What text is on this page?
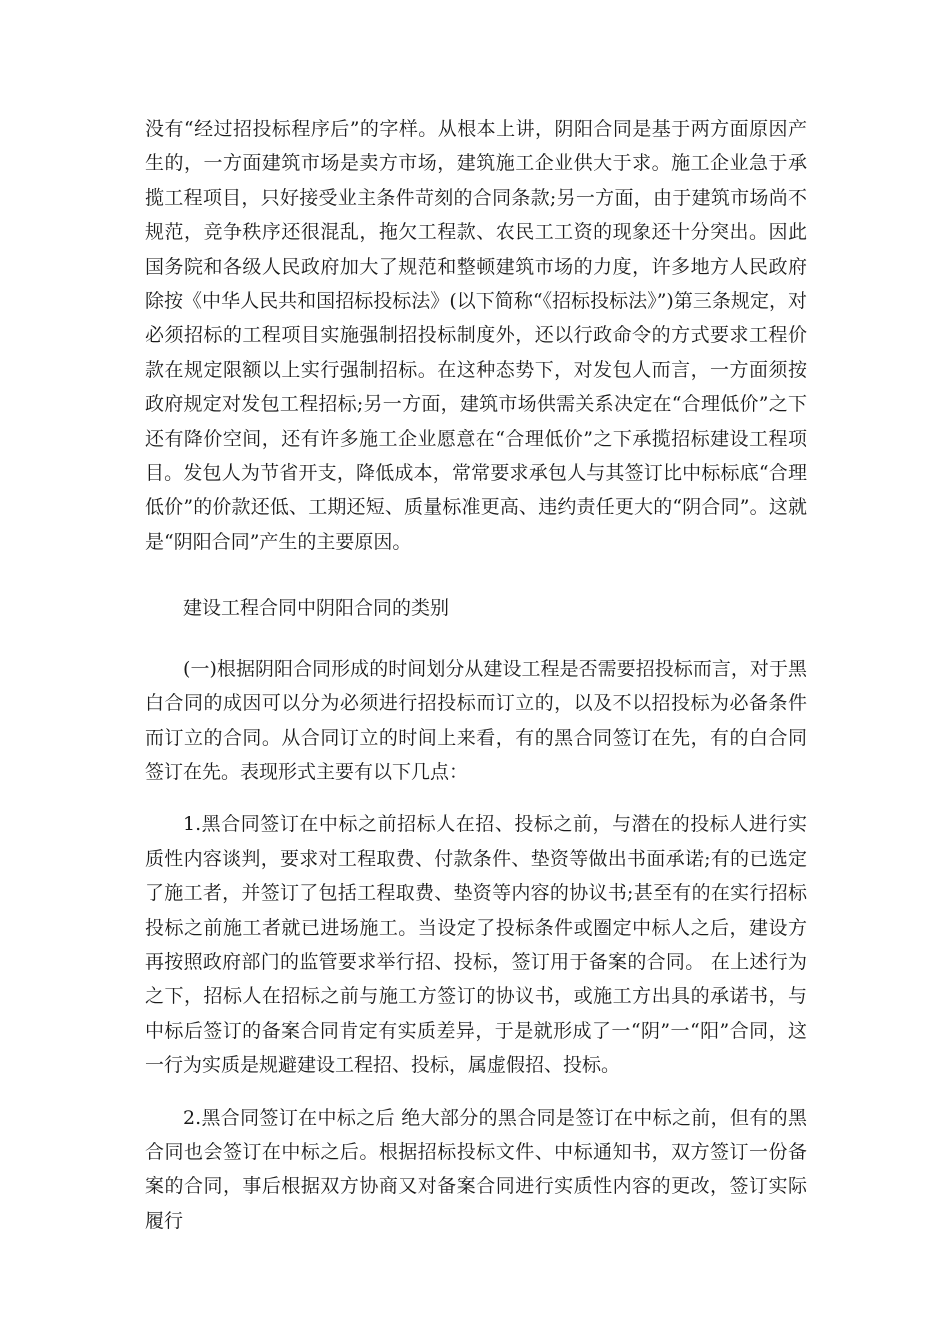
没有“经过招投标程序后”的字样。从根本上讲，阴阳合同是基于两方面原因产生的，一方面建筑市场是卖方市场，建筑施工企业供大于求。施工企业急于承揽工程项目，只好接受业主条件苛刻的合同条款;另一方面，由于建筑市场尚不规范，竞争秩序还很混乱，拖欠工程款、农民工工资的现象还十分突出。因此国务院和各级人民政府加大了规范和整顿建筑市场的力度，许多地方人民政府除按《中华人民共和国招标投标法》(以下简称“《招标投标法》”)第三条规定，对必须招标的工程项目实施强制招投标制度外，还以行政命令的方式要求工程价款在规定限额以上实行强制招标。在这种态势下，对发包人而言，一方面须按政府规定对发包工程招标;另一方面，建筑市场供需关系决定在“合理低价”之下还有降价空间，还有许多施工企业愿意在“合理低价”之下承揽招标建设工程项目。发包人为节省开支，降低成本，常常要求承包人与其签订比中标标底“合理低价”的价款还低、工期还短、质量标准更高、违约责任更大的“阴合同”。这就是“阴阳合同”产生的主要原因。

建设工程合同中阴阳合同的类别

(一)根据阴阳合同形成的时间划分从建设工程是否需要招投标而言，对于黑白合同的成因可以分为必须进行招投标而订立的，以及不以招投标为必备条件而订立的合同。从合同订立的时间上来看，有的黑合同签订在先，有的白合同签订在先。表现形式主要有以下几点：

1.黑合同签订在中标之前招标人在招、投标之前，与潜在的投标人进行实质性内容谈判，要求对工程取费、付款条件、垫资等做出书面承诺;有的已选定了施工者，并签订了包括工程取费、垫资等内容的协议书;甚至有的在实行招标投标之前施工者就已进场施工。当设定了投标条件或圈定中标人之后，建设方再按照政府部门的监管要求举行招、投标，签订用于备案的合同。 在上述行为之下，招标人在招标之前与施工方签订的协议书，或施工方出具的承诺书，与中标后签订的备案合同肯定有实质差异，于是就形成了一“阴”一“阳”合同，这一行为实质是规避建设工程招、投标，属虚假招、投标。

2.黑合同签订在中标之后 绝大部分的黑合同是签订在中标之前，但有的黑合同也会签订在中标之后。根据招标投标文件、中标通知书，双方签订一份备案的合同，事后根据双方协商又对备案合同进行实质性内容的更改，签订实际履行
